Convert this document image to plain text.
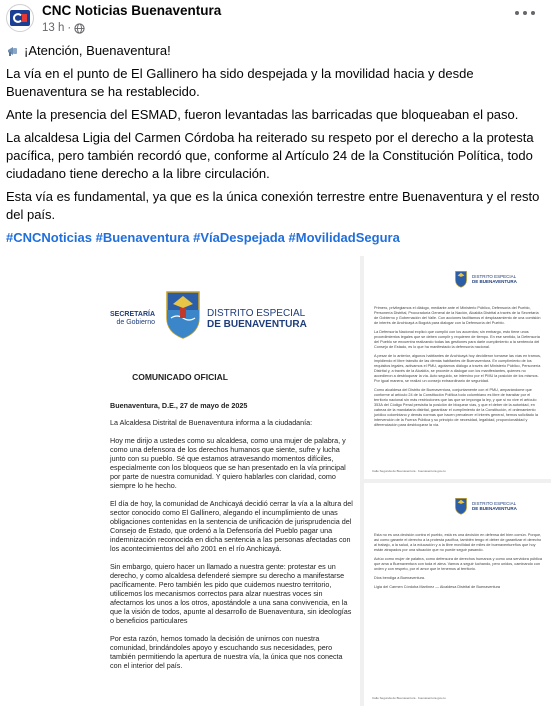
CNC Noticias Buenaventura
13 h ·

¡Atención, Buenaventura!

La vía en el punto de El Gallinero ha sido despejada y la movilidad hacia y desde Buenaventura se ha restablecido.

Ante la presencia del ESMAD, fueron levantadas las barricadas que bloqueaban el paso.

La alcaldesa Ligia del Carmen Córdoba ha reiterado su respeto por el derecho a la protesta pacífica, pero también recordó que, conforme al Artículo 24 de la Constitución Política, todo ciudadano tiene derecho a la libre circulación.

Esta vía es fundamental, ya que es la única conexión terrestre entre Buenaventura y el resto del país.

#CNCNoticias #Buenaventura #VíaDespejada #MovilidadSegura

SECRETARÍA
de Gobierno
DISTRITO ESPECIAL
DE BUENAVENTURA
COMUNICADO OFICIAL

Buenaventura, D.E., 27 de mayo de 2025

La Alcaldesa Distrital de Buenaventura informa a la ciudadanía:

Hoy me dirijo a ustedes como su alcaldesa, como una mujer de palabra, y como una defensora de los derechos humanos que siente, sufre y lucha junto con su pueblo. Sé que estamos atravesando momentos difíciles, especialmente con los bloqueos que se han presentado en la vía principal por parte de nuestra comunidad. Y quiero hablarles con claridad, como siempre lo he hecho.

El día de hoy, la comunidad de Anchicayá decidió cerrar la vía a la altura del sector conocido como El Gallinero, alegando el incumplimiento de unas obligaciones contenidas en la sentencia de unificación de jurisprudencia del Consejo de Estado, que ordenó a la Defensoría del Pueblo pagar una indemnización reconocida en dicha sentencia a las personas afectadas con los acontecimientos del año 2001 en el río Anchicayá.

Sin embargo, quiero hacer un llamado a nuestra gente: protestar es un derecho, y como alcaldesa defenderé siempre su derecho a manifestarse pacíficamente. Pero también les pido que cuidemos nuestro territorio, utilicemos los mecanismos correctos para alzar nuestras voces sin afectarnos los unos a los otros, apostándole a una sana convivencia, en la que la visión de todos, apunte al desarrollo de Buenaventura, sin ideologías o beneficios particulares

Por esta razón, hemos tomado la decisión de unirnos con nuestra comunidad, brindándoles apoyo y escuchando sus necesidades, pero también permitiendo la apertura de nuestra vía, la única que nos conecta con el interior del país.

DISTRITO ESPECIAL
DE BUENAVENTURA

Primero, privilegiamos el diálogo, mediante ante el Ministerio Público, Defensoría del Pueblo, Personería Distrital, Procuraduría General de la Nación, Alcaldía Distrital a través de la Secretaría de Gobierno y Gobernación del Valle. Con acciones facilitamos el desplazamiento de una comisión de interés de Anchicayá a Bogotá para dialogar con la Defensoría del Pueblo.

La Defensoría Nacional explicó que cumplió con los acuerdos; sin embargo, esto tiene unos procedimientos legales que se deben cumplir y requieren de tiempo. En ese sentido, la Defensoría del Pueblo se encuentra realizando todas las gestiones para darle cumplimiento a la sentencia del Consejo de Estado, es lo que ha manifestado la defensoría nacional.

A pesar de lo anterior, algunos habitantes de Anchicayá hoy decidieron tomarse las vías en tramos, impidiendo el libre tránsito de las demás habitantes de Buenaventura. En cumplimiento de los requisitos legales, activamos el PMU, agotamos diálogo a través del Ministerio Público, Personería Distrital y, a través de la Alcaldía, se procede a dialogar con los manifestantes, quienes no accedieron a desbloquear la vía. Acto seguido, se intervino por el PMU la posición de los mismos. Por igual manera, se realizó un consejo extraordinario de seguridad.

Como alcaldesa del Distrito de Buenaventura, conjuntamente con el PMU, amparándome que conforme al artículo 24 de la Constitución Política todo colombiano es libre de transitar por el territorio nacional sin más restricciones que las que se imponga la ley, y que si no vive el artículo 353A del Código Penal persistía la posición de bloquear vías, y que el deber de la autoridad, en cabeza de la mandataria distrital, garantizar el cumplimiento de la Constitución, el ordenamiento jurídico colombiano y demás normas que hacen prevalecer el interés general, hemos solicitado la intervención de la Fuerza Pública y su principio de necesidad, legalidad, proporcionalidad y diferenciación para desbloquear la vía.

Calle Segunda de Buenaventura · buenaventura.gov.co
DISTRITO ESPECIAL
DE BUENAVENTURA

Esta no es una decisión contra el pueblo, está es una decisión en defensa del bien común. Porque, así como garante el derecho a la protesta pacífica, también tengo el deber de garantizar el derecho al trabajo, a la salud, a la educación y a la libre movilidad de miles de buenaventureños que hoy están atrapados por una situación que no puede seguir pasando.

Actúo como mujer de palabra, como defensora de derechos humanos y como una servidora pública que ama a Buenaventura con toda el alma. Vamos a seguir luchando, pero unidos, caminando con orden y con respeto, por el amor que le tenemos al territorio.

Dios bendiga a Buenaventura.

Ligia del Carmen Córdoba Martínez — Alcaldesa Distrital de Buenaventura

Calle Segunda de Buenaventura · buenaventura.gov.co
